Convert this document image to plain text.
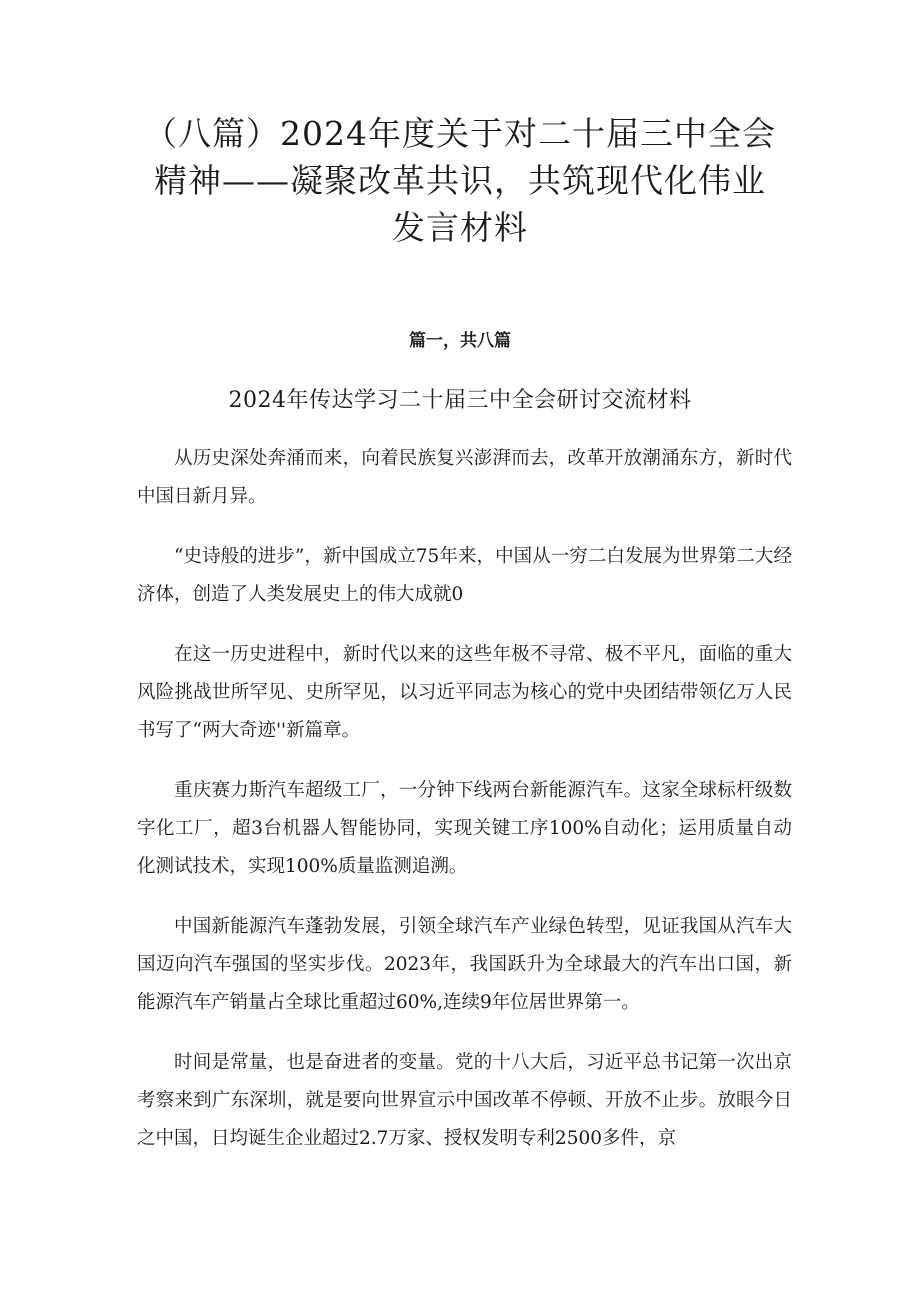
（八篇）2024年度关于对二十届三中全会
精神——凝聚改革共识，共筑现代化伟业
发言材料
篇一，共八篇
2024年传达学习二十届三中全会研讨交流材料

从历史深处奔涌而来，向着民族复兴澎湃而去，改革开放潮涌东方，新时代中国日新月异。

“史诗般的进步”，新中国成立75年来，中国从一穷二白发展为世界第二大经济体，创造了人类发展史上的伟大成就0

在这一历史进程中，新时代以来的这些年极不寻常、极不平凡，面临的重大风险挑战世所罕见、史所罕见，以习近平同志为核心的党中央团结带领亿万人民书写了“两大奇迹''新篇章。

重庆赛力斯汽车超级工厂，一分钟下线两台新能源汽车。这家全球标杆级数字化工厂，超3台机器人智能协同，实现关键工序100%自动化；运用质量自动化测试技术，实现100%质量监测追溯。

中国新能源汽车蓬勃发展，引领全球汽车产业绿色转型，见证我国从汽车大国迈向汽车强国的坚实步伐。2023年，我国跃升为全球最大的汽车出口国，新能源汽车产销量占全球比重超过60%,连续9年位居世界第一。

时间是常量，也是奋进者的变量。党的十八大后，习近平总书记第一次出京考察来到广东深圳，就是要向世界宣示中国改革不停顿、开放不止步。放眼今日之中国，日均诞生企业超过2.7万家、授权发明专利2500多件，京
